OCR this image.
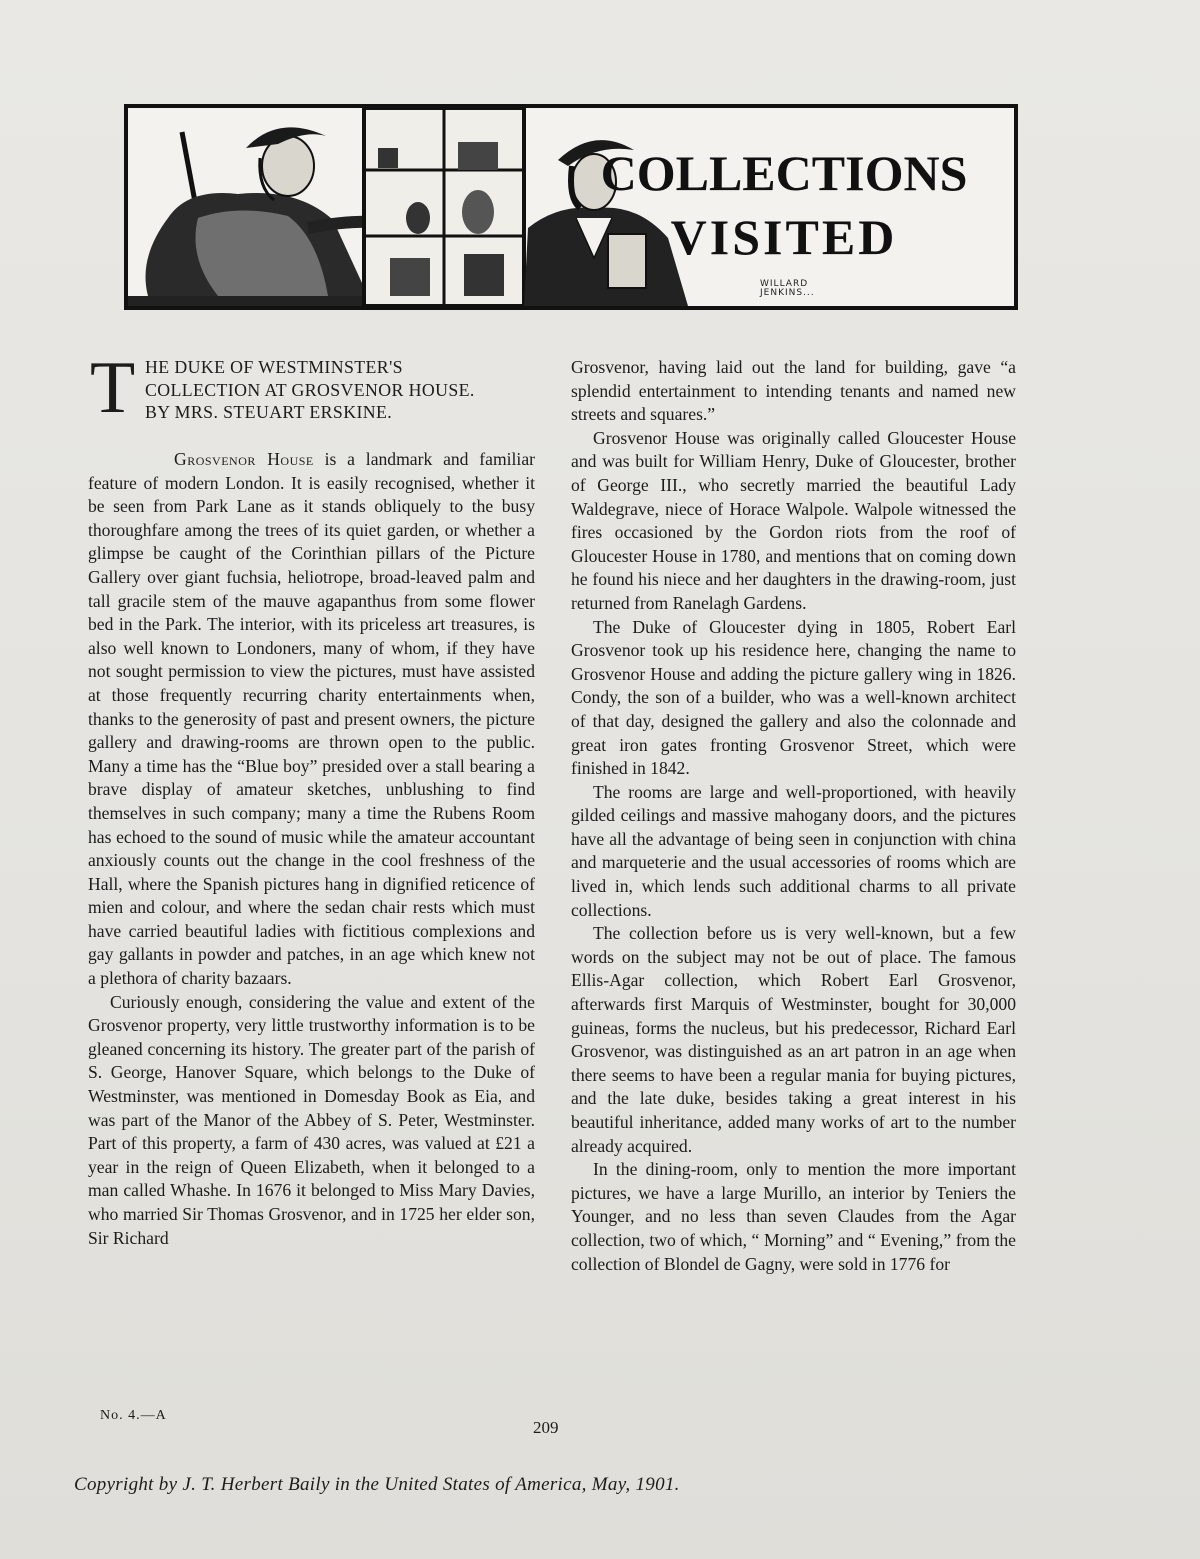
COLLECTIONS
VISITED
WILLARD
JENKINS...
T HE DUKE OF WESTMINSTER'S
COLLECTION AT GROSVENOR HOUSE.
BY MRS. STEUART ERSKINE.

Grosvenor House is a landmark and familiar feature of modern London. It is easily recognised, whether it be seen from Park Lane as it stands obliquely to the busy thoroughfare among the trees of its quiet garden, or whether a glimpse be caught of the Corinthian pillars of the Picture Gallery over giant fuchsia, heliotrope, broad-leaved palm and tall gracile stem of the mauve agapanthus from some flower bed in the Park. The interior, with its priceless art treasures, is also well known to Londoners, many of whom, if they have not sought permission to view the pictures, must have assisted at those frequently recurring charity entertainments when, thanks to the generosity of past and present owners, the picture gallery and drawing-rooms are thrown open to the public. Many a time has the “Blue boy” presided over a stall bearing a brave display of amateur sketches, unblushing to find themselves in such company; many a time the Rubens Room has echoed to the sound of music while the amateur accountant anxiously counts out the change in the cool freshness of the Hall, where the Spanish pictures hang in dignified reticence of mien and colour, and where the sedan chair rests which must have carried beautiful ladies with fictitious complexions and gay gallants in powder and patches, in an age which knew not a plethora of charity bazaars.

Curiously enough, considering the value and extent of the Grosvenor property, very little trustworthy information is to be gleaned concerning its history. The greater part of the parish of S. George, Hanover Square, which belongs to the Duke of Westminster, was mentioned in Domesday Book as Eia, and was part of the Manor of the Abbey of S. Peter, Westminster. Part of this property, a farm of 430 acres, was valued at £21 a year in the reign of Queen Elizabeth, when it belonged to a man called Whashe. In 1676 it belonged to Miss Mary Davies, who married Sir Thomas Grosvenor, and in 1725 her elder son, Sir Richard

Grosvenor, having laid out the land for building, gave “a splendid entertainment to intending tenants and named new streets and squares.”

Grosvenor House was originally called Gloucester House and was built for William Henry, Duke of Gloucester, brother of George III., who secretly married the beautiful Lady Waldegrave, niece of Horace Walpole. Walpole witnessed the fires occasioned by the Gordon riots from the roof of Gloucester House in 1780, and mentions that on coming down he found his niece and her daughters in the drawing-room, just returned from Ranelagh Gardens.

The Duke of Gloucester dying in 1805, Robert Earl Grosvenor took up his residence here, changing the name to Grosvenor House and adding the picture gallery wing in 1826. Condy, the son of a builder, who was a well-known architect of that day, designed the gallery and also the colonnade and great iron gates fronting Grosvenor Street, which were finished in 1842.

The rooms are large and well-proportioned, with heavily gilded ceilings and massive mahogany doors, and the pictures have all the advantage of being seen in conjunction with china and marqueterie and the usual accessories of rooms which are lived in, which lends such additional charms to all private collections.

The collection before us is very well-known, but a few words on the subject may not be out of place. The famous Ellis-Agar collection, which Robert Earl Grosvenor, afterwards first Marquis of Westminster, bought for 30,000 guineas, forms the nucleus, but his predecessor, Richard Earl Grosvenor, was distinguished as an art patron in an age when there seems to have been a regular mania for buying pictures, and the late duke, besides taking a great interest in his beautiful inheritance, added many works of art to the number already acquired.

In the dining-room, only to mention the more important pictures, we have a large Murillo, an interior by Teniers the Younger, and no less than seven Claudes from the Agar collection, two of which, “ Morning” and “ Evening,” from the collection of Blondel de Gagny, were sold in 1776 for

No. 4.—A
209
Copyright by J. T. Herbert Baily in the United States of America, May, 1901.
